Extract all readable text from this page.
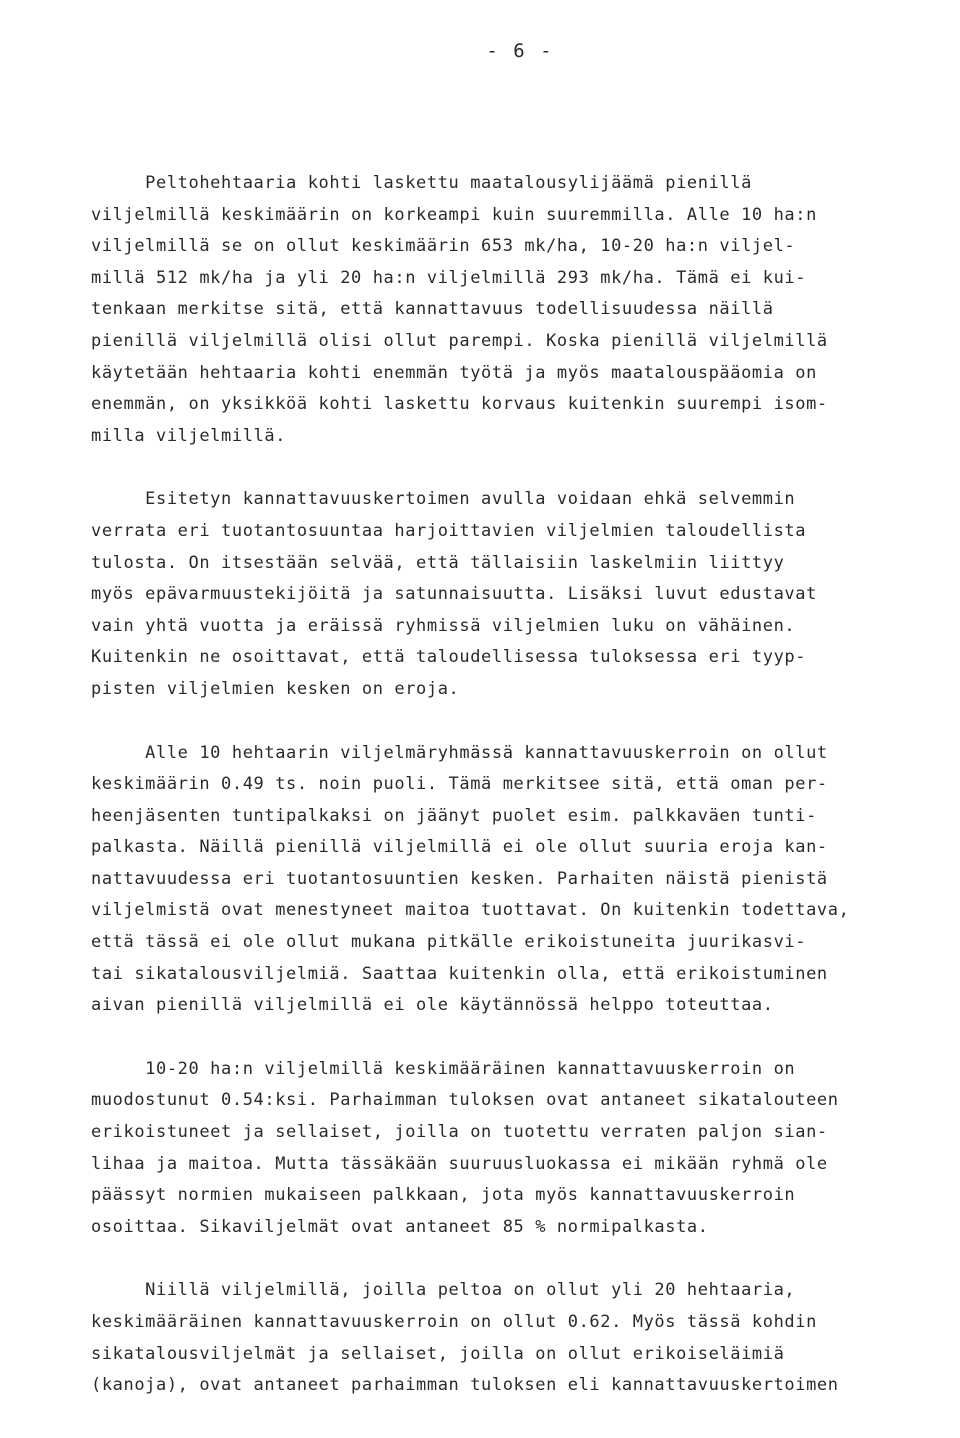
- 6 -
Peltohehtaaria kohti laskettu maatalousylijäämä pienillä
viljelmillä keskimäärin on korkeampi kuin suuremmilla. Alle 10 ha:n
viljelmillä se on ollut keskimäärin 653 mk/ha, 10-20 ha:n viljel-
millä 512 mk/ha ja yli 20 ha:n viljelmillä 293 mk/ha. Tämä ei kui-
tenkaan merkitse sitä, että kannattavuus todellisuudessa näillä
pienillä viljelmillä olisi ollut parempi. Koska pienillä viljelmillä
käytetään hehtaaria kohti enemmän työtä ja myös maatalouspääomia on
enemmän, on yksikköä kohti laskettu korvaus kuitenkin suurempi isom-
milla viljelmillä.
Esitetyn kannattavuuskertoimen avulla voidaan ehkä selvemmin
verrata eri tuotantosuuntaa harjoittavien viljelmien taloudellista
tulosta. On itsestään selvää, että tällaisiin laskelmiin liittyy
myös epävarmuustekijöitä ja satunnaisuutta. Lisäksi luvut edustavat
vain yhtä vuotta ja eräissä ryhmissä viljelmien luku on vähäinen.
Kuitenkin ne osoittavat, että taloudellisessa tuloksessa eri tyyp-
pisten viljelmien kesken on eroja.
Alle 10 hehtaarin viljelmäryhmässä kannattavuuskerroin on ollut
keskimäärin 0.49 ts. noin puoli. Tämä merkitsee sitä, että oman per-
heenjäsenten tuntipalkaksi on jäänyt puolet esim. palkkaväen tunti-
palkasta. Näillä pienillä viljelmillä ei ole ollut suuria eroja kan-
nattavuudessa eri tuotantosuuntien kesken. Parhaiten näistä pienistä
viljelmistä ovat menestyneet maitoa tuottavat. On kuitenkin todettava,
että tässä ei ole ollut mukana pitkälle erikoistuneita juurikasvi-
tai sikatalousviljelmiä. Saattaa kuitenkin olla, että erikoistuminen
aivan pienillä viljelmillä ei ole käytännössä helppo toteuttaa.
10-20 ha:n viljelmillä keskimääräinen kannattavuuskerroin on
muodostunut 0.54:ksi. Parhaimman tuloksen ovat antaneet sikatalouteen
erikoistuneet ja sellaiset, joilla on tuotettu verraten paljon sian-
lihaa ja maitoa. Mutta tässäkään suuruusluokassa ei mikään ryhmä ole
päässyt normien mukaiseen palkkaan, jota myös kannattavuuskerroin
osoittaa. Sikaviljelmät ovat antaneet 85 % normipalkasta.
Niillä viljelmillä, joilla peltoa on ollut yli 20 hehtaaria,
keskimääräinen kannattavuuskerroin on ollut 0.62. Myös tässä kohdin
sikatalousviljelmät ja sellaiset, joilla on ollut erikoiseläimiä
(kanoja), ovat antaneet parhaimman tuloksen eli kannattavuuskertoimen
